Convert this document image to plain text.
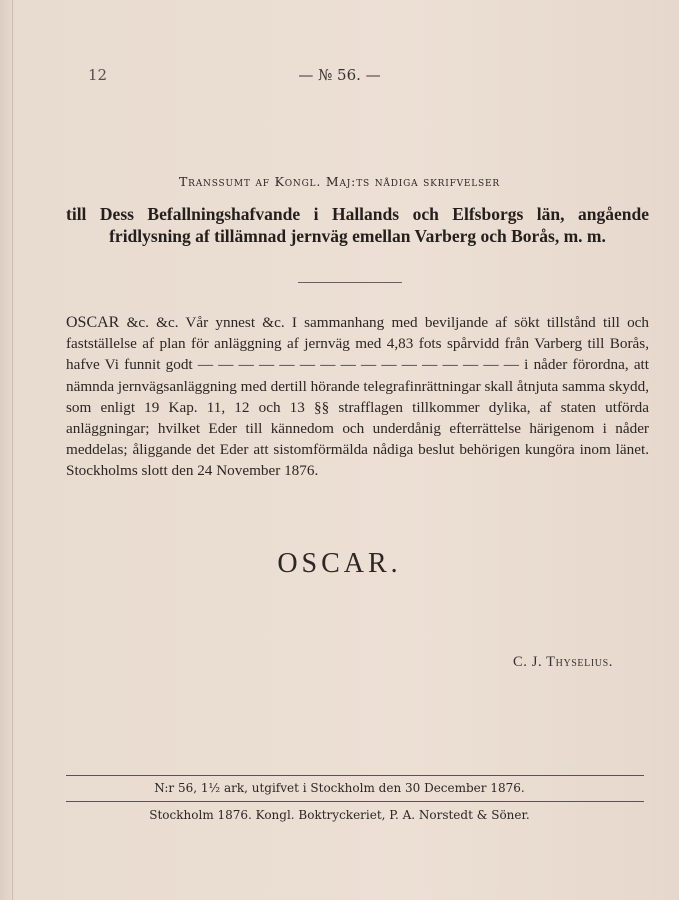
12	— № 56. —
Transsumt af Kongl. Maj:ts nådiga skrifvelser
till Dess Befallningshafvande i Hallands och Elfsborgs län, angående fridlysning af tillämnad jernväg emellan Varberg och Borås, m. m.
OSCAR &c. &c. Vår ynnest &c. I sammanhang med beviljande af sökt tillstånd till och fastställelse af plan för anläggning af jernväg med 4,83 fots spårvidd från Varberg till Borås, hafve Vi funnit godt — — — — — — — — — — — — — — — — i nåder förordna, att nämnda jernvägsanläggning med dertill hörande telegrafinrättningar skall åtnjuta samma skydd, som enligt 19 Kap. 11, 12 och 13 §§ strafflagen tillkommer dylika, af staten utförda anläggningar; hvilket Eder till kännedom och underdånig efterrättelse härigenom i nåder meddelas; åliggande det Eder att sistomförmälda nådiga beslut behörigen kungöra inom länet. Stockholms slott den 24 November 1876.
OSCAR.
C. J. Thyselius.
N:r 56, 1½ ark, utgifvet i Stockholm den 30 December 1876.
Stockholm 1876. Kongl. Boktryckeriet, P. A. Norstedt & Söner.
